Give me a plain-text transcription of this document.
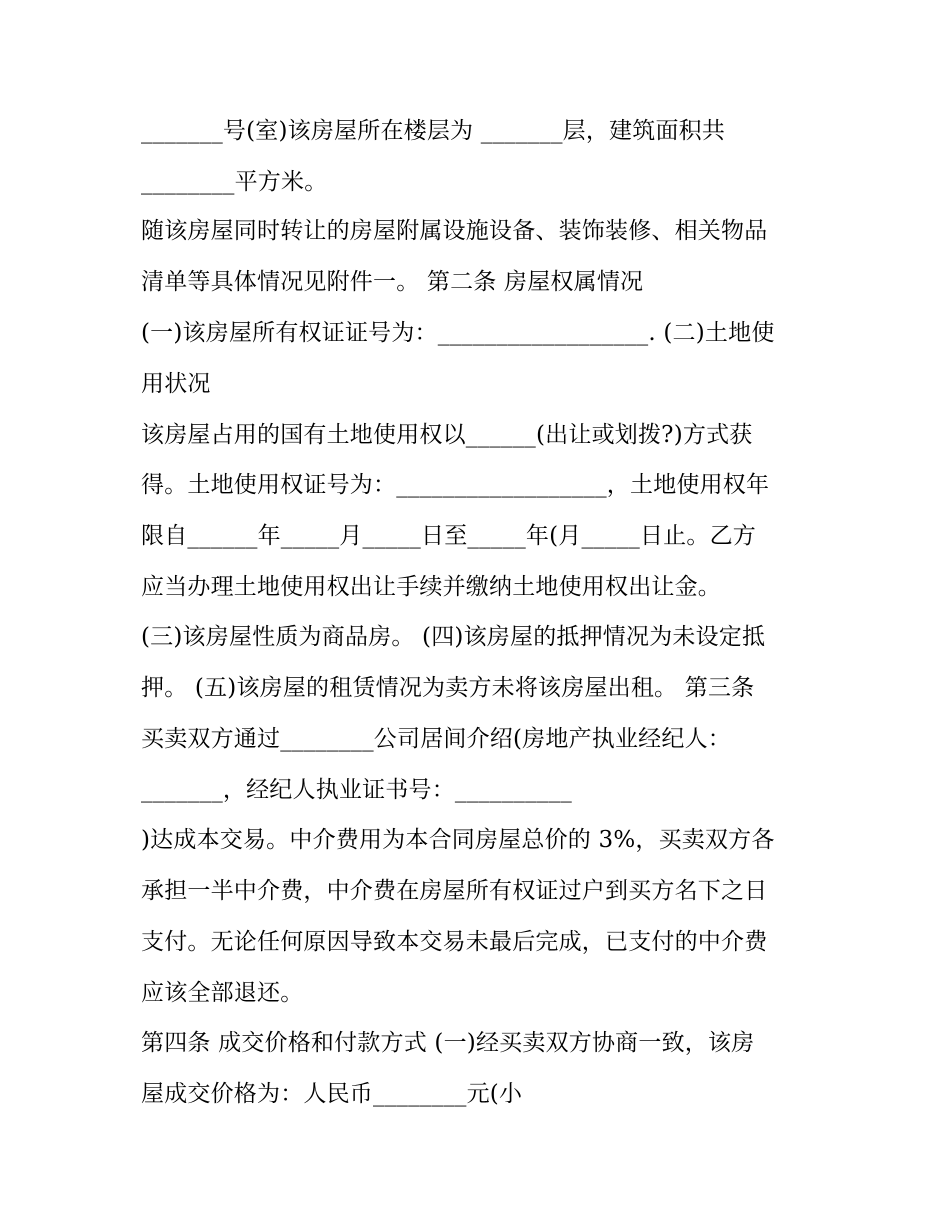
_______号(室)该房屋所在楼层为 _______层，建筑面积共
________平方米。
随该房屋同时转让的房屋附属设施设备、装饰装修、相关物品
清单等具体情况见附件一。 第二条 房屋权属情况
(一)该房屋所有权证证号为：__________________. (二)土地使
用状况
该房屋占用的国有土地使用权以______(出让或划拨?)方式获
得。土地使用权证号为：__________________，土地使用权年
限自______年_____月_____日至_____年(月_____日止。乙方
应当办理土地使用权出让手续并缴纳土地使用权出让金。
(三)该房屋性质为商品房。 (四)该房屋的抵押情况为未设定抵
押。 (五)该房屋的租赁情况为卖方未将该房屋出租。 第三条
买卖双方通过________公司居间介绍(房地产执业经纪人：
_______，经纪人执业证书号：__________
)达成本交易。中介费用为本合同房屋总价的 3%，买卖双方各
承担一半中介费，中介费在房屋所有权证过户到买方名下之日
支付。无论任何原因导致本交易未最后完成，已支付的中介费
应该全部退还。
第四条 成交价格和付款方式 (一)经买卖双方协商一致，该房
屋成交价格为：人民币________元(小
